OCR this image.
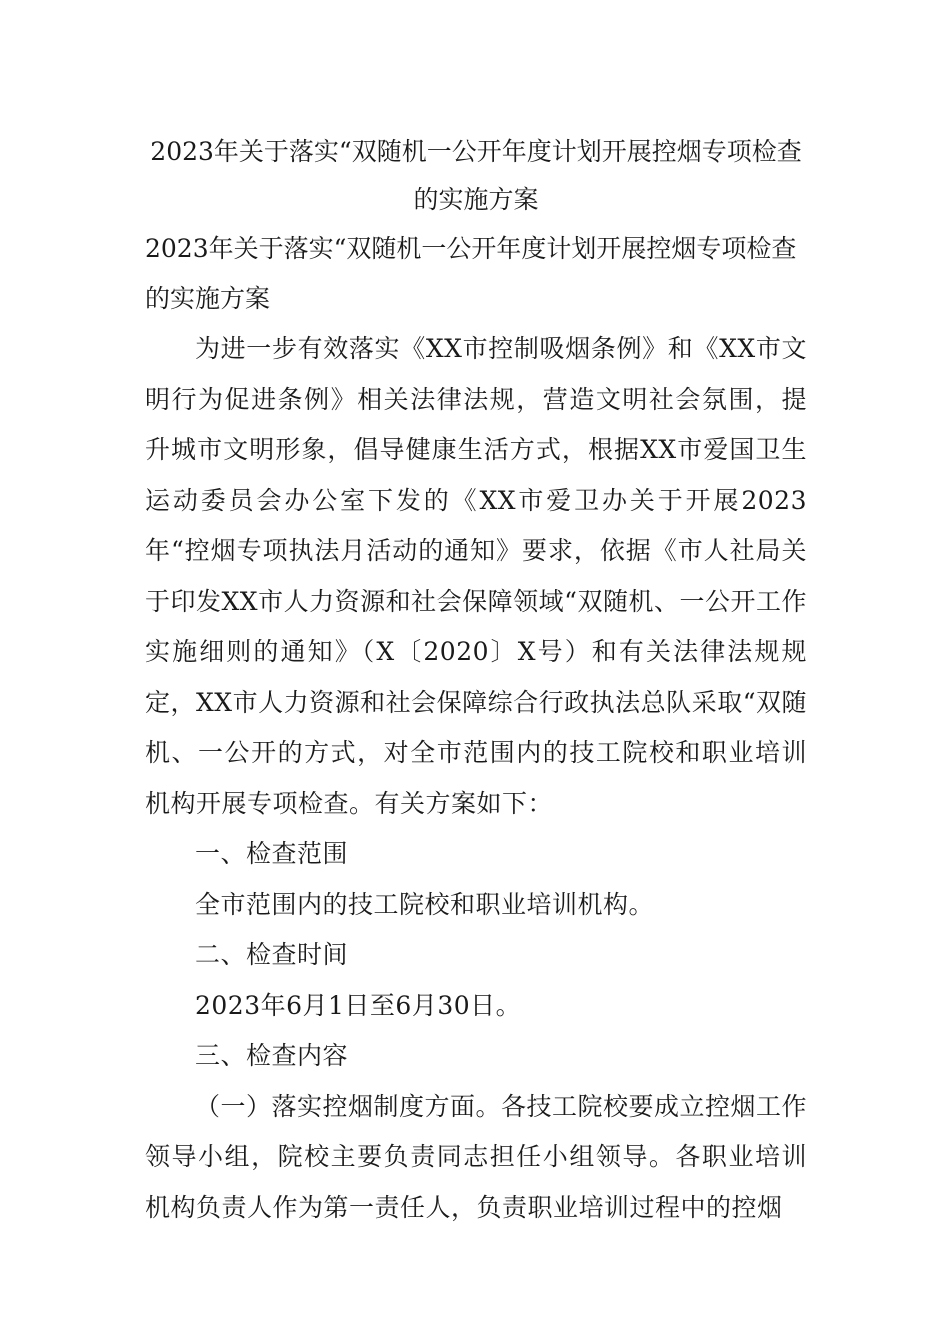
2023年关于落实“双随机一公开年度计划开展控烟专项检查的实施方案

2023年关于落实“双随机一公开年度计划开展控烟专项检查的实施方案

为进一步有效落实《XX市控制吸烟条例》和《XX市文明行为促进条例》相关法律法规，营造文明社会氛围，提升城市文明形象，倡导健康生活方式，根据XX市爱国卫生运动委员会办公室下发的《XX市爱卫办关于开展2023年“控烟专项执法月活动的通知》要求，依据《市人社局关于印发XX市人力资源和社会保障领域“双随机、一公开工作实施细则的通知》（X〔2020〕X号）和有关法律法规规定，XX市人力资源和社会保障综合行政执法总队采取“双随机、一公开的方式，对全市范围内的技工院校和职业培训机构开展专项检查。有关方案如下：

一、检查范围

全市范围内的技工院校和职业培训机构。

二、检查时间

2023年6月1日至6月30日。

三、检查内容

（一）落实控烟制度方面。各技工院校要成立控烟工作领导小组，院校主要负责同志担任小组领导。各职业培训机构负责人作为第一责任人，负责职业培训过程中的控烟
